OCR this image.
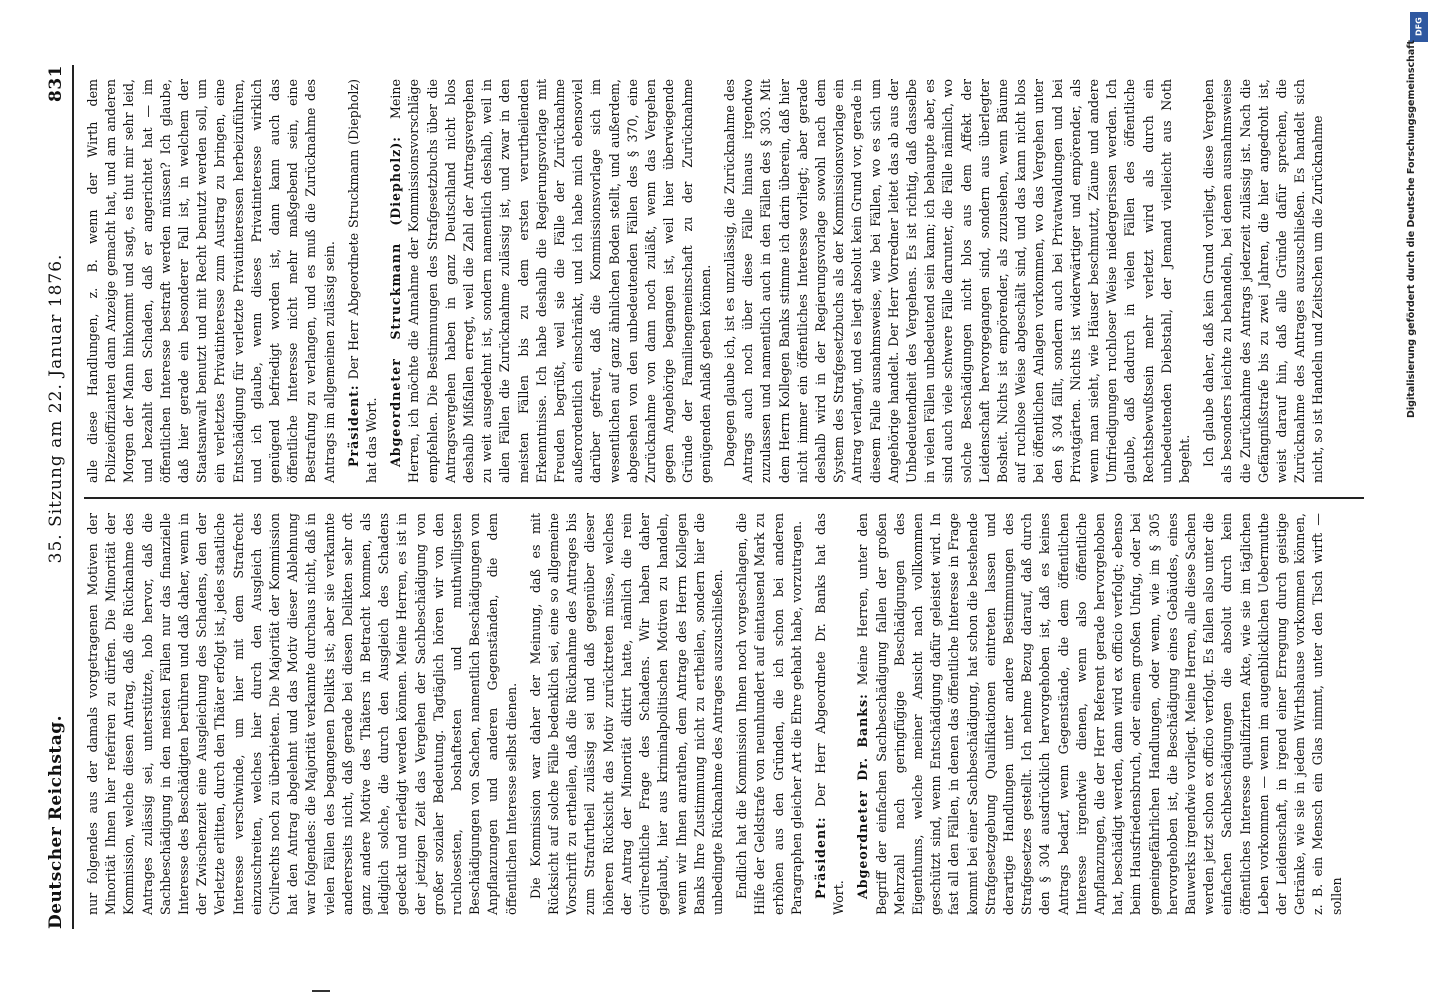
Deutscher Reichstag.
35. Sitzung am 22. Januar 1876.
831

nur folgendes aus der damals vorgetragenen Motiven der Minorität Ihnen hier referiren zu dürfen. Die Minorität der Kommission, welche diesen Antrag, daß die Rücknahme des Antrages zulässig sei, unterstützte, hob hervor, daß die Sachbeschädigung in den meisten Fällen nur das finanzielle Interesse des Beschädigten berühren und daß daher, wenn in der Zwischenzeit eine Ausgleichung des Schadens, den der Verletzte erlitten, durch den Thäter erfolgt ist, jedes staatliche Interesse verschwinde, um hier mit dem Strafrecht einzuschreiten, welches hier durch den Ausgleich des Civilrechts noch zu überbieten. Die Majorität der Kommission hat den Antrag abgelehnt und das Motiv dieser Ablehnung war folgendes: die Majorität verkannte durchaus nicht, daß in vielen Fällen des begangenen Delikts ist; aber sie verkannte andererseits nicht, daß gerade bei diesen Delikten sehr oft ganz andere Motive des Thäters in Betracht kommen, als lediglich solche, die durch den Ausgleich des Schadens gedeckt und erledigt werden können. Meine Herren, es ist in der jetzigen Zeit das Vergehen der Sachbeschädigung von großer sozialer Bedeutung. Tagtäglich hören wir von den ruchlosesten, boshaftesten und muthwilligsten Beschädigungen von Sachen, namentlich Beschädigungen von Anpflanzungen und anderen Gegenständen, die dem öffentlichen Interesse selbst dienen. Die Kommission war daher der Meinung, daß es mit Rücksicht auf solche Fälle bedenklich sei, eine so allgemeine Vorschrift zu ertheilen, daß die Rücknahme des Antrages bis zum Strafurtheil zulässig sei und daß gegenüber dieser höheren Rücksicht das Motiv zurücktreten müsse, welches der Antrag der Minorität diktirt hatte, nämlich die rein civilrechtliche Frage des Schadens. Wir haben daher geglaubt, hier aus kriminalpolitischen Motiven zu handeln, wenn wir Ihnen anrathen, dem Antrage des Herrn Kollegen Banks Ihre Zustimmung nicht zu ertheilen, sondern hier die unbedingte Rücknahme des Antrages auszuschließen. Endlich hat die Kommission Ihnen noch vorgeschlagen, die Hilfe der Geldstrafe von neunhundert auf eintausend Mark zu erhöhen aus den Gründen, die ich schon bei anderen Paragraphen gleicher Art die Ehre gehabt habe, vorzutragen. Präsident: Der Herr Abgeordnete Dr. Banks hat das Wort. Abgeordneter Dr. Banks: Meine Herren, unter den Begriff der einfachen Sachbeschädigung fallen der großen Mehrzahl nach geringfügige Beschädigungen des Eigenthums, welche meiner Ansicht nach vollkommen geschützt sind, wenn Entschädigung dafür geleistet wird. In fast all den Fällen, in denen das öffentliche Interesse in Frage kommt bei einer Sachbeschädigung, hat schon die bestehende Strafgesetzgebung Qualifikationen eintreten lassen und derartige Handlungen unter andere Bestimmungen des Strafgesetzes gestellt. Ich nehme Bezug darauf, daß durch den § 304 ausdrücklich hervorgehoben ist, daß es keines Antrags bedarf, wenn Gegenstände, die dem öffentlichen Interesse irgendwie dienen, wenn also öffentliche Anpflanzungen, die der Herr Referent gerade hervorgehoben hat, beschädigt werden, dann wird ex officio verfolgt; ebenso beim Hausfriedensbruch, oder einem großen Unfug, oder bei gemeingefährlichen Handlungen, oder wenn, wie im § 305 hervorgehoben ist, die Beschädigung eines Gebäudes, eines Bauwerks irgendwie vorliegt. Meine Herren, alle diese Sachen werden jetzt schon ex officio verfolgt. Es fallen also unter die einfachen Sachbeschädigungen die absolut durch kein öffentliches Interesse qualifizirten Akte, wie sie im täglichen Leben vorkommen — wenn im augenblicklichen Uebermuthe der Leidenschaft, in irgend einer Erregung durch geistige Getränke, wie sie in jedem Wirthshause vorkommen können, z. B. ein Mensch ein Glas nimmt, unter den Tisch wirft — sollen

alle diese Handlungen, z. B. wenn der Wirth dem Polizeioffizianten dann Anzeige gemacht hat, und am anderen Morgen der Mann hinkommt und sagt, es thut mir sehr leid, und bezahlt den Schaden, daß er angerichtet hat — im öffentlichen Interesse bestraft werden müssen? Ich glaube, daß hier gerade ein besonderer Fall ist, in welchem der Staatsanwalt benutzt und mit Recht benutzt werden soll, um ein verletztes Privatinteresse zum Austrag zu bringen, eine Entschädigung für verletzte Privatinteressen herbeizuführen, und ich glaube, wenn dieses Privatinteresse wirklich genügend befriedigt worden ist, dann kann auch das öffentliche Interesse nicht mehr maßgebend sein, eine Bestrafung zu verlangen, und es muß die Zurücknahme des Antrags im allgemeinen zulässig sein. Präsident: Der Herr Abgeordnete Struckmann (Diepholz) hat das Wort. Abgeordneter Struckmann (Diepholz): Meine Herren, ich möchte die Annahme der Kommissionsvorschläge empfehlen. Die Bestimmungen des Strafgesetzbuchs über die Antragsvergehen haben in ganz Deutschland nicht blos deshalb Mißfallen erregt, weil die Zahl der Antragsvergehen zu weit ausgedehnt ist, sondern namentlich deshalb, weil in allen Fällen die Zurücknahme zulässig ist, und zwar in den meisten Fällen bis zu dem ersten verurtheilenden Erkenntnisse. Ich habe deshalb die Regierungsvorlage mit Freuden begrüßt, weil sie die Fälle der Zurücknahme außerordentlich einschränkt, und ich habe mich ebensoviel darüber gefreut, daß die Kommissionsvorlage sich im wesentlichen auf ganz ähnlichen Boden stellt, und außerdem, abgesehen von den unbedeutenden Fällen des § 370, eine Zurücknahme von dann noch zuläßt, wenn das Vergehen gegen Angehörige begangen ist, weil hier überwiegende Gründe der Familiengemeinschaft zu der Zurücknahme genügenden Anlaß geben können. Dagegen glaube ich, ist es unzulässig, die Zurücknahme des Antrags auch noch über diese Fälle hinaus irgendwo zuzulassen und namentlich auch in den Fällen des § 303. Mit dem Herrn Kollegen Banks stimme ich darin überein, daß hier nicht immer ein öffentliches Interesse vorliegt; aber gerade deshalb wird in der Regierungsvorlage sowohl nach dem System des Strafgesetzbuchs als der Kommissionsvorlage ein Antrag verlangt, und es liegt absolut kein Grund vor, gerade in diesem Falle ausnahmsweise, wie bei Fällen, wo es sich um Angehörige handelt. Der Herr Vorredner leitet das ab aus der Unbedeutendheit des Vergehens. Es ist richtig, daß dasselbe in vielen Fällen unbedeutend sein kann; ich behaupte aber, es sind auch viele schwere Fälle darunter, die Fälle nämlich, wo solche Beschädigungen nicht blos aus dem Affekt der Leidenschaft hervorgegangen sind, sondern aus überlegter Bosheit. Nichts ist empörender, als zuzusehen, wenn Bäume auf ruchlose Weise abgeschält sind, und das kann nicht blos bei öffentlichen Anlagen vorkommen, wo das Vergehen unter den § 304 fällt, sondern auch bei Privatwaldungen und bei Privatgärten. Nichts ist widerwärtiger und empörender, als wenn man sieht, wie Häuser beschmutzt, Zäune und andere Umfriedigungen ruchloser Weise niedergerissen werden. Ich glaube, daß dadurch in vielen Fällen des öffentliche Rechtsbewußtsein mehr verletzt wird als durch ein unbedeutenden Diebstahl, der Jemand vielleicht aus Noth begeht. Ich glaube daher, daß kein Grund vorliegt, diese Vergehen als besonders leichte zu behandeln, bei denen ausnahmsweise die Zurücknahme des Antrags jederzeit zulässig ist. Nach die Gefängnißstrafe bis zu zwei Jahren, die hier angedroht ist, weist darauf hin, daß alle Gründe dafür sprechen, die Zurücknahme des Antrages auszuschließen. Es handelt sich nicht, so ist Handeln und Zeitschen um die Zurücknahme

DFG
Digitalisierung gefördert durch die Deutsche Forschungsgemeinschaft
